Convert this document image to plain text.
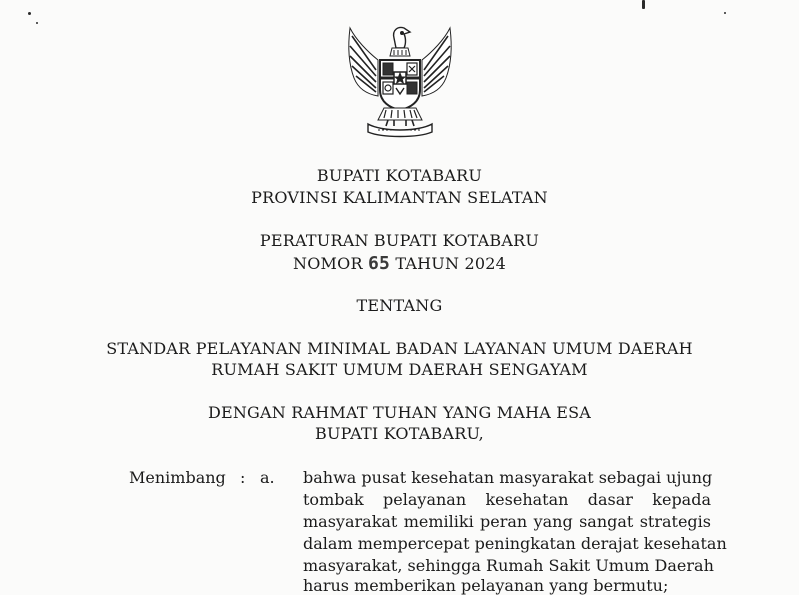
BUPATI KOTABARU
PROVINSI KALIMANTAN SELATAN
PERATURAN BUPATI KOTABARU
NOMOR 65 TAHUN 2024
TENTANG
STANDAR PELAYANAN MINIMAL BADAN LAYANAN UMUM DAERAH
RUMAH SAKIT UMUM DAERAH SENGAYAM
DENGAN RAHMAT TUHAN YANG MAHA ESA
BUPATI KOTABARU,
Menimbang : a. bahwa pusat kesehatan masyarakat sebagai ujung
tombak pelayanan kesehatan dasar kepada
masyarakat memiliki peran yang sangat strategis
dalam mempercepat peningkatan derajat kesehatan
masyarakat, sehingga Rumah Sakit Umum Daerah
harus memberikan pelayanan yang bermutu;
